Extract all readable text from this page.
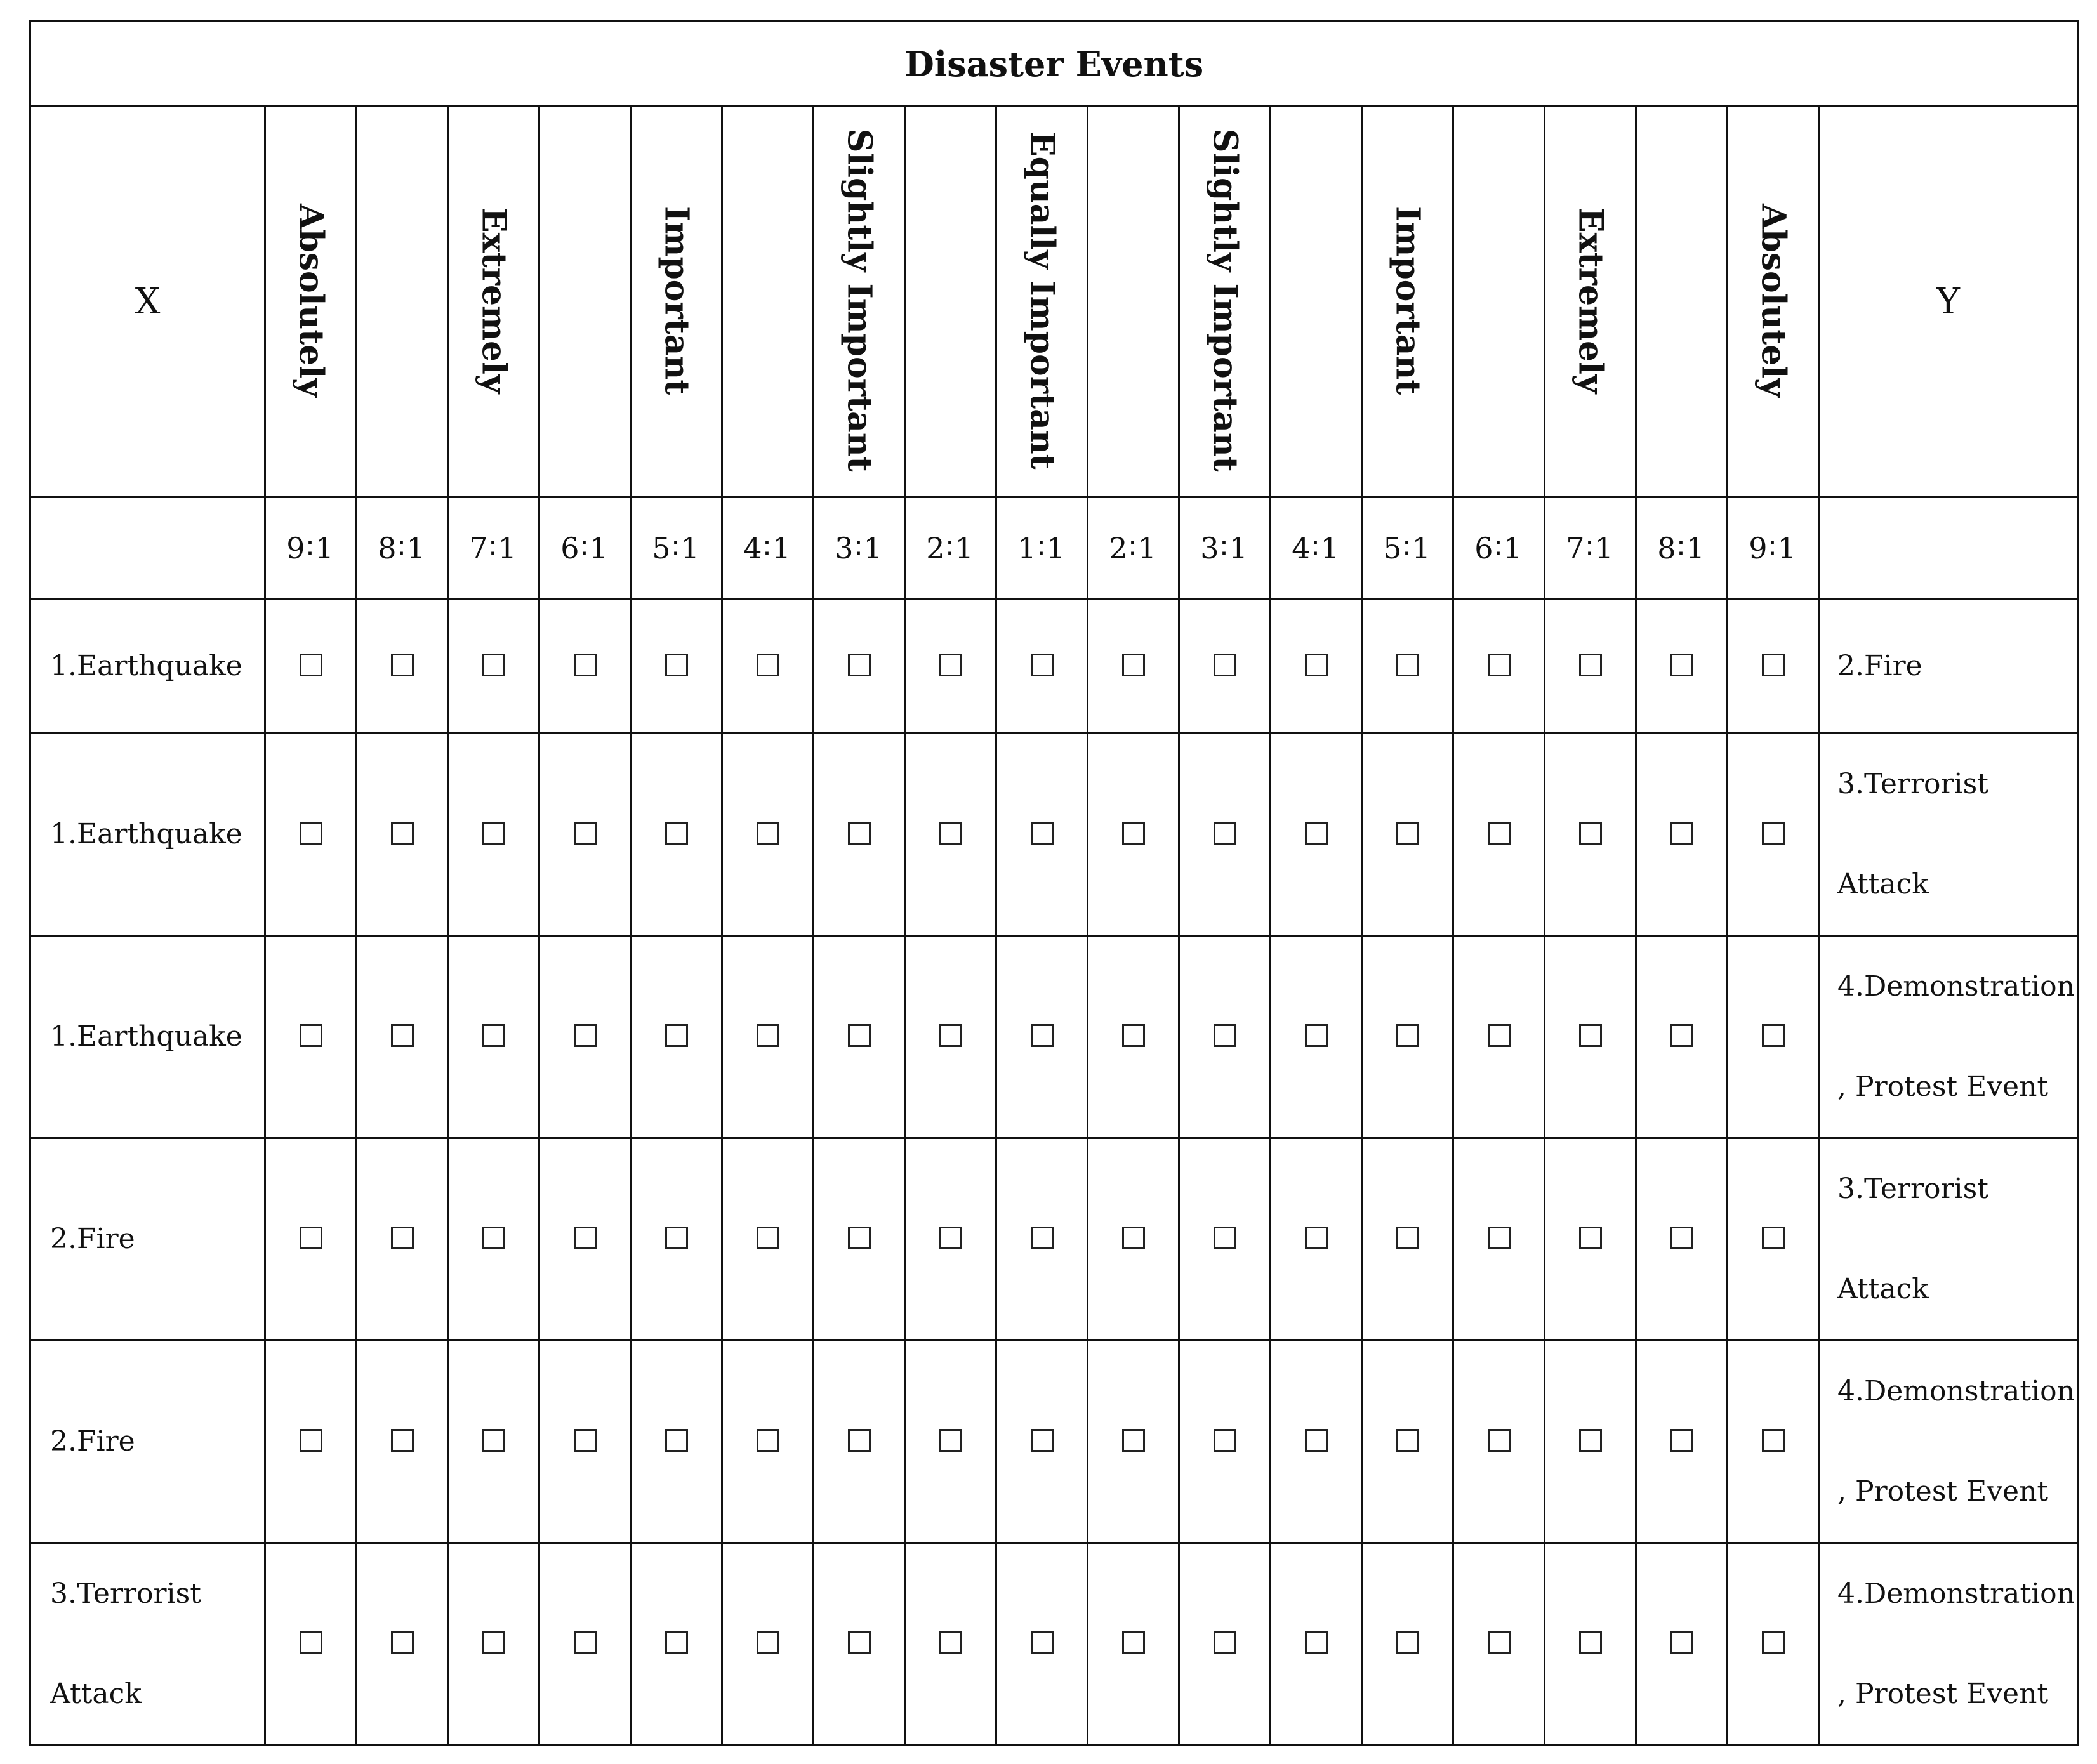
Disaster Events																		
X	Absolutely		Extremely		Important		Slightly Important		Equally Important		Slightly Important		Important		Extremely		Absolutely	Y
	9∶1	8∶1	7∶1	6∶1	5∶1	4∶1	3∶1	2∶1	1∶1	2∶1	3∶1	4∶1	5∶1	6∶1	7∶1	8∶1	9∶1	

1.Earthquake																		2.Fire

1.Earthquake																		3.Terrorist
Attack

1.Earthquake																		4.Demonstration
, Protest Event

2.Fire																		3.Terrorist
Attack

2.Fire																		4.Demonstration
, Protest Event

3.Terrorist
Attack																		4.Demonstration
, Protest Event
